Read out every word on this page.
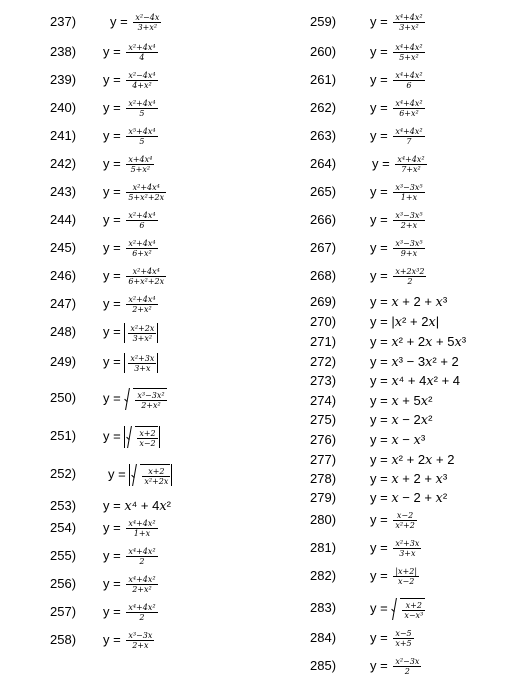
237)	$y = \frac{\text{x²−4x}}{\text{3+x²}}$
238)	$y = \frac{\text{x²+4x⁴}}{4}$
239)	$y = \frac{\text{x²−4x⁴}}{\text{4+x²}}$
240)	$y = \frac{\text{x²+4x⁴}}{5}$
241)	$y = \frac{\text{x⁵+4x⁴}}{5}$
242)	$y = \frac{\text{x+4x⁴}}{\text{5+x²}}$
243)	$y = \frac{\text{x²+4x⁴}}{\text{5+x²+2x}}$
244)	$y = \frac{\text{x²+4x⁴}}{6}$
245)	$y = \frac{\text{x²+4x⁴}}{\text{6+x²}}$
246)	$y = \frac{\text{x²+4x⁴}}{\text{6+x²+2x}}$
247)	$y = \frac{\text{x²+4x⁴}}{\text{2+x²}}$
248)	$y = \frac{\text{x²+2x}}{\text{3+x²}}$
249)	$y = \frac{\text{x²+3x}}{3+x}$
250)	$y = \frac{\text{x³−3x²}}{\text{2+x²}}$
251)	$y = \frac{x+2}{x-2}$
252)	$y = \frac{x+2}{\text{x²+2x}}$
253)	y = x⁴ + 4x²
254)	$y = \frac{\text{x⁴+4x²}}{1+x}$
255)	$y = \frac{\text{x⁴+4x²}}{2}$
256)	$y = \frac{\text{x⁴+4x²}}{\text{2+x²}}$
257)	$y = \frac{\text{x⁴+4x²}}{2}$
258)	$y = \frac{\text{x³−3x}}{2+x}$
259)	$y = \frac{\text{x⁴+4x²}}{\text{3+x²}}$
260)	$y = \frac{\text{x⁴+4x²}}{\text{5+x²}}$
261)	$y = \frac{\text{x⁴+4x²}}{6}$
262)	$y = \frac{\text{x⁴+4x²}}{\text{6+x²}}$
263)	$y = \frac{\text{x⁴+4x²}}{7}$
264)	$y = \frac{\text{x⁴+4x²}}{\text{7+x²}}$
265)	$y = \frac{\text{x³−3x⁵}}{1+x}$
266)	$y = \frac{\text{x³−3x⁵}}{2+x}$
267)	$y = \frac{\text{x³−3x⁵}}{9+x}$
268)	$y = \frac{\text{x+2x³2}}{2}$
269)	y = x + 2 + x³
270)	y = |x² + 2x|
271)	y = x² + 2x + 5x³
272)	y = x³ − 3x² + 2
273)	y = x⁴ + 4x² + 4
274)	y = x + 5x²
275)	y = x − 2x²
276)	y = x − x³
277)	y = x² + 2x + 2
278)	y = x + 2 + x³
279)	y = x − 2 + x²
280)	$y = \frac{x-2}{\text{x²+2}}$
281)	$y = \frac{\text{x²+3x}}{3+x}$
282)	$y = \frac{|x+2|}{x-2}$
283)	$y = \frac{x+2}{\text{x−x³}}$
284)	$y = \frac{x-5}{x+5}$
285)	$y = \frac{\text{x²−3x}}{2}$
